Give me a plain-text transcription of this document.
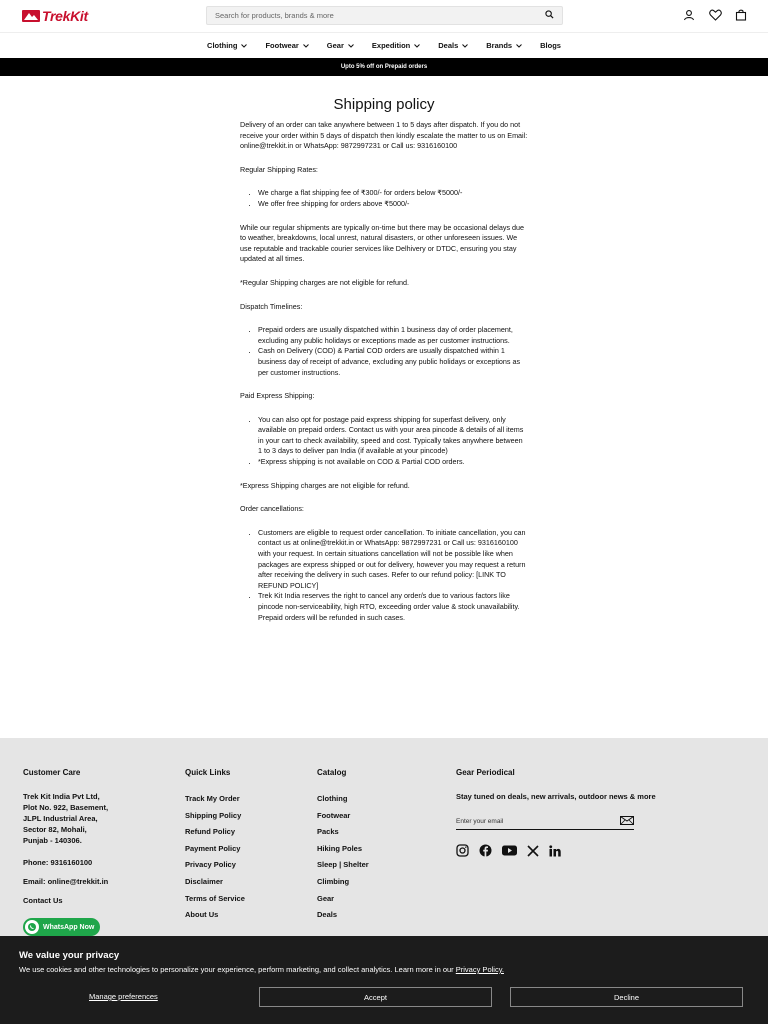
TrekKit
Search for products, brands & more
Clothing	Footwear	Gear	Expedition	Deals	Brands	Blogs
Upto 5% off on Prepaid orders
Shipping policy

Delivery of an order can take anywhere between 1 to 5 days after dispatch. If you do not receive your order within 5 days of dispatch then kindly escalate the matter to us on Email: online@trekkit.in or WhatsApp: 9872997231 or Call us: 9316160100

Regular Shipping Rates:

• We charge a flat shipping fee of ₹300/- for orders below ₹5000/-
• We offer free shipping for orders above ₹5000/-

While our regular shipments are typically on-time but there may be occasional delays due to weather, breakdowns, local unrest, natural disasters, or other unforeseen issues. We use reputable and trackable courier services like Delhivery or DTDC, ensuring you stay updated at all times.

*Regular Shipping charges are not eligible for refund.

Dispatch Timelines:

• Prepaid orders are usually dispatched within 1 business day of order placement, excluding any public holidays or exceptions made as per customer instructions.
• Cash on Delivery (COD) & Partial COD orders are usually dispatched within 1 business day of receipt of advance, excluding any public holidays or exceptions as per customer instructions.

Paid Express Shipping:

• You can also opt for postage paid express shipping for superfast delivery, only available on prepaid orders. Contact us with your area pincode & details of all items in your cart to check availability, speed and cost. Typically takes anywhere between 1 to 3 days to deliver pan India (if available at your pincode)
• *Express shipping is not available on COD & Partial COD orders.

*Express Shipping charges are not eligible for refund.

Order cancellations:

• Customers are eligible to request order cancellation. To initiate cancellation, you can contact us at online@trekkit.in or WhatsApp: 9872997231 or Call us: 9316160100 with your request. In certain situations cancellation will not be possible like when packages are express shipped or out for delivery, however you may request a return after receiving the delivery in such cases. Refer to our refund policy: [LINK TO REFUND POLICY]
• Trek Kit India reserves the right to cancel any order/s due to various factors like pincode non-serviceability, high RTO, exceeding order value & stock unavailability. Prepaid orders will be refunded in such cases.
Customer Care
Trek Kit India Pvt Ltd,
Plot No. 922, Basement,
JLPL Industrial Area,
Sector 82, Mohali,
Punjab - 140306.
Phone: 9316160100
Email: online@trekkit.in
Contact Us
WhatsApp Now
Quick Links
Track My Order
Shipping Policy
Refund Policy
Payment Policy
Privacy Policy
Disclaimer
Terms of Service
About Us
Catalog
Clothing
Footwear
Packs
Hiking Poles
Sleep | Shelter
Climbing
Gear
Deals
Gear Periodical
Stay tuned on deals, new arrivals, outdoor news & more
Enter your email
We value your privacy

We use cookies and other technologies to personalize your experience, perform marketing, and collect analytics. Learn more in our Privacy Policy.

Manage preferences	Accept	Decline
